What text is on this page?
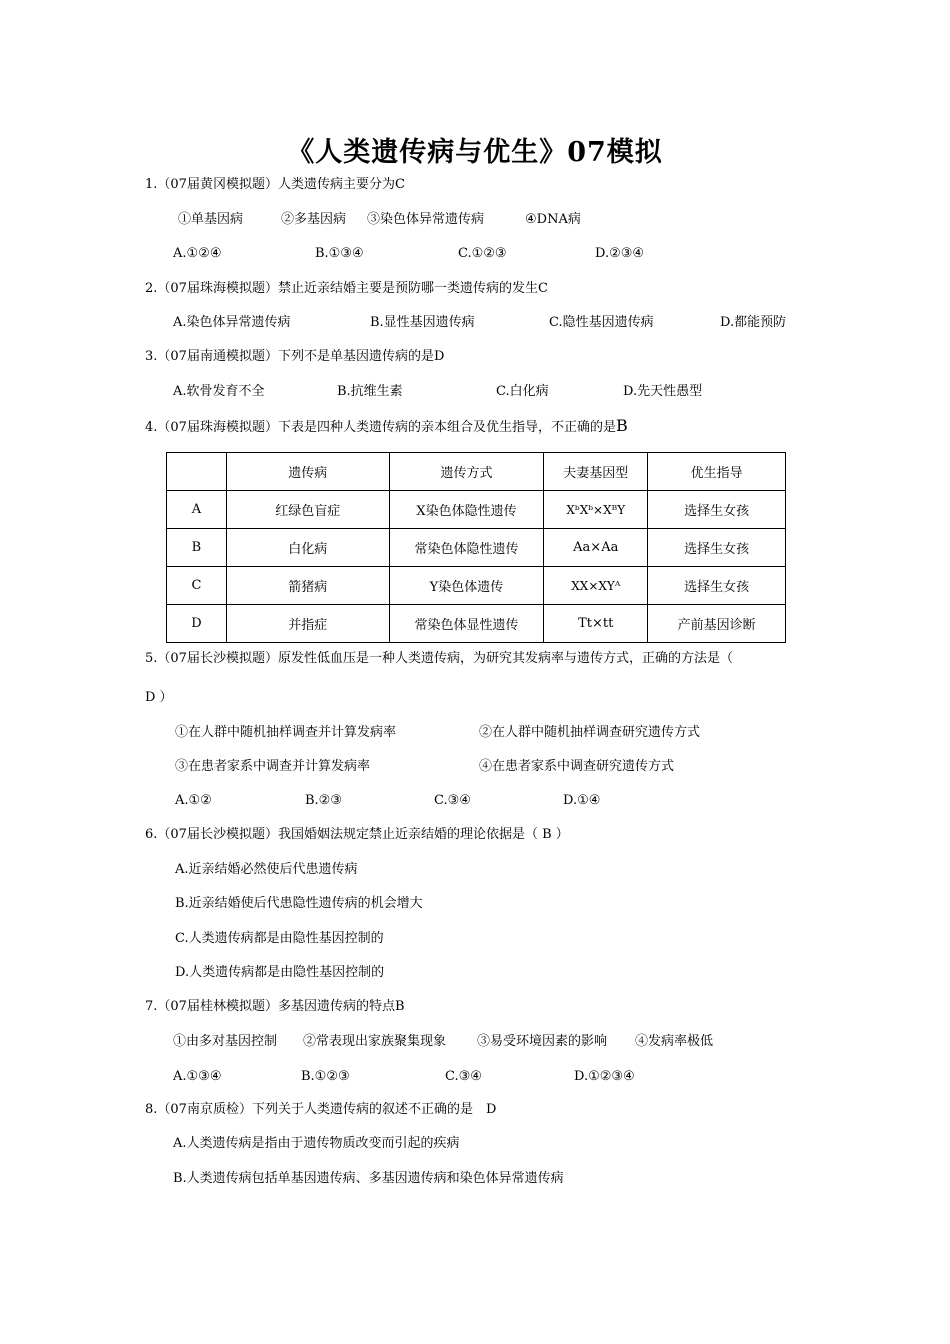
《人类遗传病与优生》07模拟
1.（07届黄冈模拟题）人类遗传病主要分为C
①单基因病	②多基因病 ③染色体异常遗传病	④DNA病
A.①②④	B.①③④	C.①②③	D.②③④
2.（07届珠海模拟题）禁止近亲结婚主要是预防哪一类遗传病的发生C
A.染色体异常遗传病	B.显性基因遗传病	C.隐性基因遗传病	D.都能预防
3.（07届南通模拟题）下列不是单基因遗传病的是D
A.软骨发育不全	B.抗维生素	C.白化病	D.先天性愚型
4.（07届珠海模拟题）下表是四种人类遗传病的亲本组合及优生指导，不正确的是B
	遗传病	遗传方式	夫妻基因型	优生指导
A	红绿色盲症	X染色体隐性遗传	XᵇXᵇ×XᴮY	选择生女孩
B	白化病	常染色体隐性遗传	Aa×Aa	选择生女孩
C	箭猪病	Y染色体遗传	XX×XYᴬ	选择生女孩
D	并指症	常染色体显性遗传	Tt×tt	产前基因诊断
5.（07届长沙模拟题）原发性低血压是一种人类遗传病，为研究其发病率与遗传方式，正确的方法是（
D ）
①在人群中随机抽样调查并计算发病率	②在人群中随机抽样调查研究遗传方式
③在患者家系中调查并计算发病率	④在患者家系中调查研究遗传方式
A.①②	B.②③	C.③④	D.①④
6.（07届长沙模拟题）我国婚姻法规定禁止近亲结婚的理论依据是（ B ）
A.近亲结婚必然使后代患遗传病
B.近亲结婚使后代患隐性遗传病的机会增大
C.人类遗传病都是由隐性基因控制的
D.人类遗传病都是由隐性基因控制的
7.（07届桂林模拟题）多基因遗传病的特点B
①由多对基因控制 ②常表现出家族聚集现象 ③易受环境因素的影响 ④发病率极低
A.①③④	B.①②③	C.③④	D.①②③④
8.（07南京质检）下列关于人类遗传病的叙述不正确的是　D
A.人类遗传病是指由于遗传物质改变而引起的疾病
B.人类遗传病包括单基因遗传病、多基因遗传病和染色体异常遗传病
